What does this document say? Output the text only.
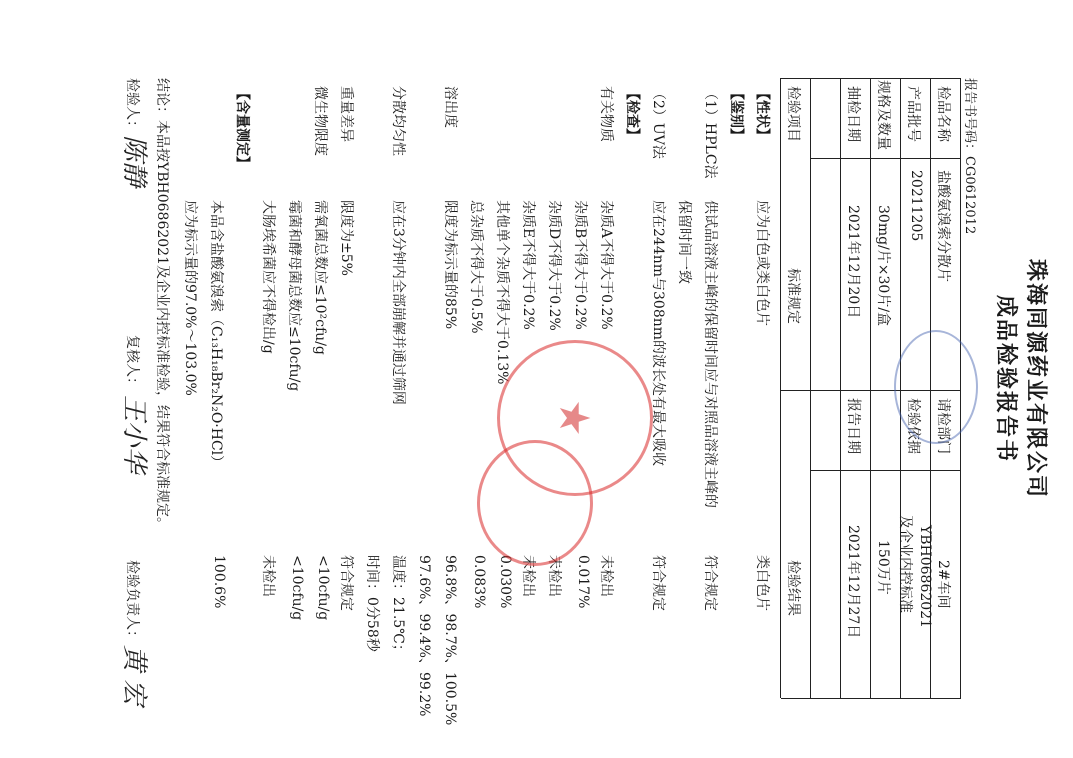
珠海同源药业有限公司
成品检验报告书
报告书号码：CG0612012
检品名称
盐酸氨溴索分散片
请检部门
2#车间
产品批号
20211205
检验依据
YBH06862021
及企业内控标准
规格及数量
30mg/片×30片/盒
150万片
抽检日期
2021年12月20日
报告日期
2021年12月27日
检验项目
标准规定
检验结果
【性状】
应为白色或类白色片
类白色片
【鉴别】
（1）HPLC法
供试品溶液主峰的保留时间应与对照品溶液主峰的
符合规定
保留时间一致
（2）UV法
应在244nm与308nm的波长处有最大吸收
符合规定
【检查】
有关物质
杂质A不得大于0.2%
未检出
杂质B不得大于0.2%
0.017%
杂质D不得大于0.2%
未检出
杂质E不得大于0.2%
未检出
其他单个杂质不得大于0.13%
0.030%
总杂质不得大于0.5%
0.083%
溶出度
限度为标示量的85%
96.8%、98.7%、100.5%
97.6%、99.4%、99.2%
分散均匀性
应在3分钟内全部崩解并通过筛网
温度：21.5℃；
时间：0分58秒
重量差异
限度为±5%
符合规定
微生物限度
需氧菌总数应≤10²cfu/g
<10cfu/g
霉菌和酵母菌总数应≤10cfu/g
<10cfu/g
大肠埃希菌应不得检出/g
未检出
【含量测定】
本品含盐酸氨溴索（C₁₃H₁₈Br₂N₂O·HCl）
100.6%
应为标示量的97.0%～103.0%
结论：本品按YBH06862021及企业内控标准检验，结果符合标准规定。
检验人：
陈静
复核人：
王小华
检验负责人：
黄 宏
★
